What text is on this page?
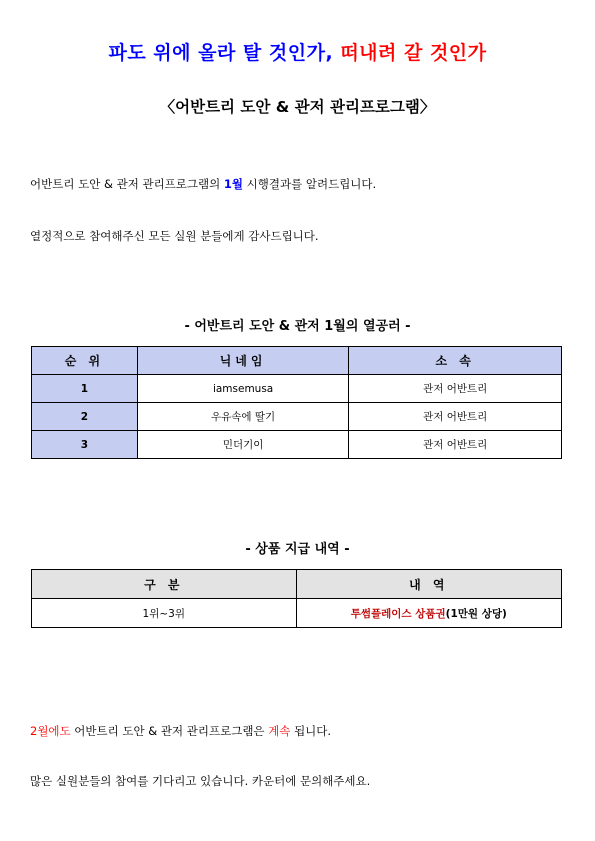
파도 위에 올라 탈 것인가, 떠내려 갈 것인가
〈어반트리 도안 & 관저 관리프로그램〉
어반트리 도안 & 관저 관리프로그램의 1월 시행결과를 알려드립니다.
열정적으로 참여해주신 모든 실원 분들에게 감사드립니다.
- 어반트리 도안 & 관저 1월의 열공러 -
순 위	닉네임	소 속
1	iamsemusa	관저 어반트리
2	우유속에 딸기	관저 어반트리
3	민더기이	관저 어반트리
- 상품 지급 내역 -
구 분	내 역
1위~3위	투썸플레이스 상품권(1만원 상당)
2월에도 어반트리 도안 & 관저 관리프로그램은 계속 됩니다.
많은 실원분들의 참여를 기다리고 있습니다. 카운터에 문의해주세요.
